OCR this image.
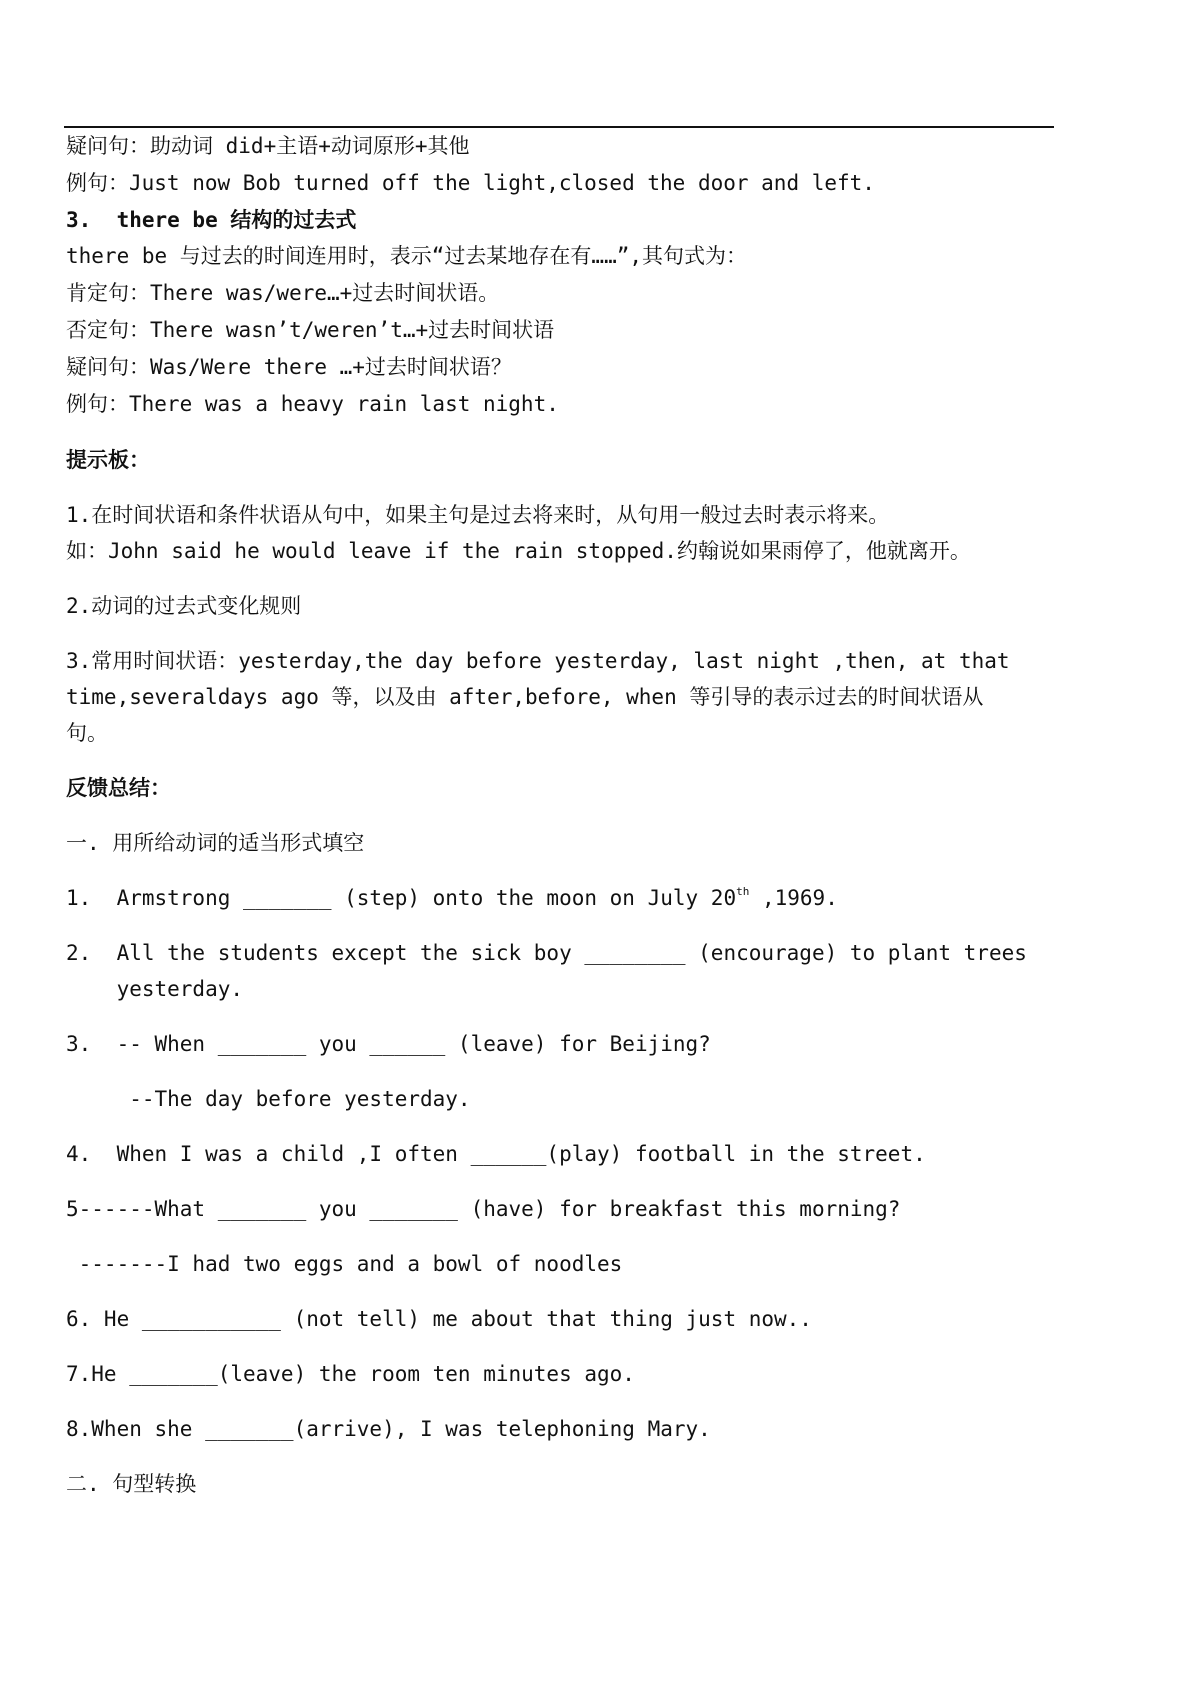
疑问句：助动词 did+主语+动词原形+其他

例句：Just now Bob turned off the light,closed the door and left.

3.  there be 结构的过去式

there be 与过去的时间连用时，表示“过去某地存在有……”,其句式为：

肯定句：There was/were…+过去时间状语。

否定句：There wasn’t/weren’t…+过去时间状语

疑问句：Was/Were there …+过去时间状语？

例句：There was a heavy rain last night.

提示板：

1.在时间状语和条件状语从句中，如果主句是过去将来时，从句用一般过去时表示将来。

如：John said he would leave if the rain stopped.约翰说如果雨停了，他就离开。

2.动词的过去式变化规则

3.常用时间状语：yesterday,the day before yesterday, last night ,then, at that

time,severaldays ago 等，以及由 after,before, when 等引导的表示过去的时间状语从

句。

反馈总结：

一. 用所给动词的适当形式填空

1.  Armstrong _______ (step) onto the moon on July 20th ,1969.

2.  All the students except the sick boy ________ (encourage) to plant trees

yesterday.

3.  -- When _______ you ______ (leave) for Beijing?

--The day before yesterday.

4.  When I was a child ,I often ______(play) football in the street.

5------What _______ you _______ (have) for breakfast this morning?

-------I had two eggs and a bowl of noodles

6. He ___________ (not tell) me about that thing just now..

7.He _______(leave) the room ten minutes ago.

8.When she _______(arrive), I was telephoning Mary.

二. 句型转换
